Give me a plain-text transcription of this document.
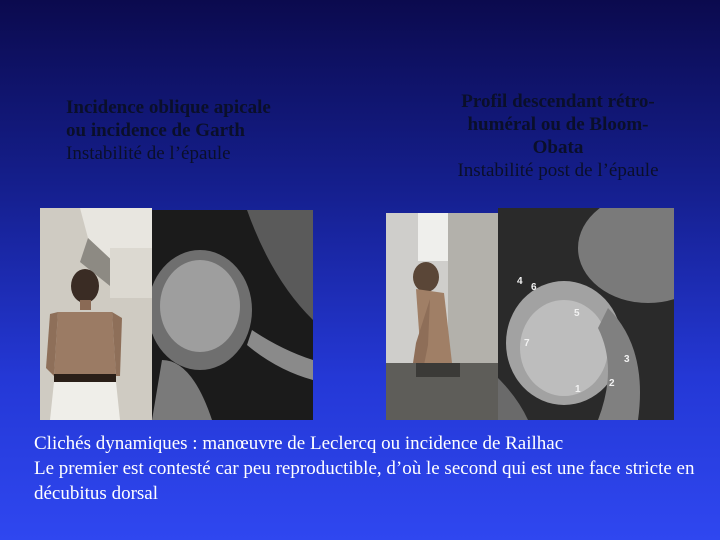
Incidence oblique apicale
ou incidence de Garth
Instabilité de l’épaule
Profil descendant rétro-
huméral ou de Bloom-
Obata
Instabilité post de l’épaule
6
4
5
7
3
1
2

Clichés dynamiques : manœuvre de Leclercq ou incidence de Railhac

Le premier est contesté car peu reproductible, d’où le second qui est une face stricte en décubitus dorsal
